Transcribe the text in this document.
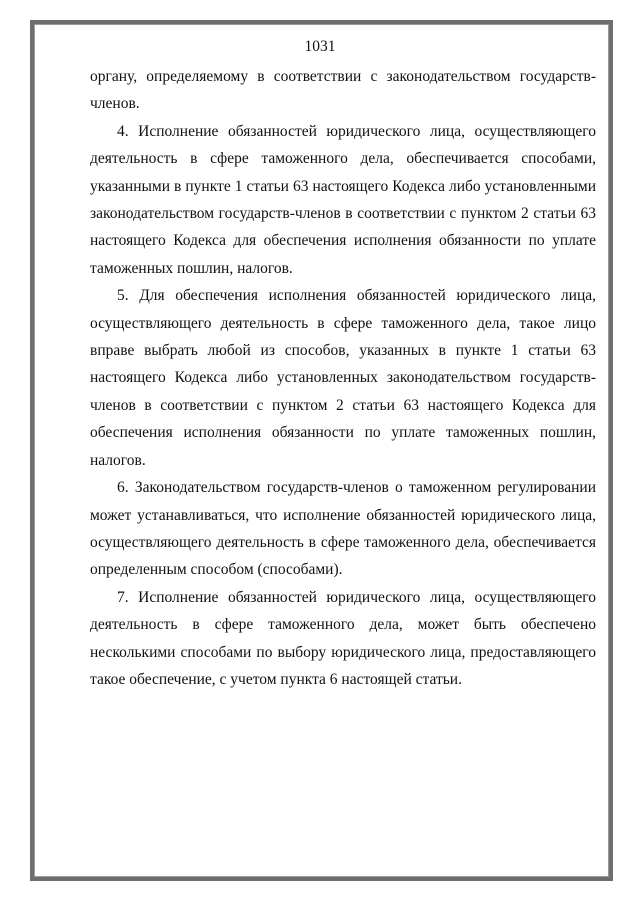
1031

органу, определяемому в соответствии с законодательством государств-членов.

4. Исполнение обязанностей юридического лица, осуществляющего деятельность в сфере таможенного дела, обеспечивается способами, указанными в пункте 1 статьи 63 настоящего Кодекса либо установленными законодательством государств-членов в соответствии с пунктом 2 статьи 63 настоящего Кодекса для обеспечения исполнения обязанности по уплате таможенных пошлин, налогов.

5. Для обеспечения исполнения обязанностей юридического лица, осуществляющего деятельность в сфере таможенного дела, такое лицо вправе выбрать любой из способов, указанных в пункте 1 статьи 63 настоящего Кодекса либо установленных законодательством государств-членов в соответствии с пунктом 2 статьи 63 настоящего Кодекса для обеспечения исполнения обязанности по уплате таможенных пошлин, налогов.

6. Законодательством государств-членов о таможенном регулировании может устанавливаться, что исполнение обязанностей юридического лица, осуществляющего деятельность в сфере таможенного дела, обеспечивается определенным способом (способами).

7. Исполнение обязанностей юридического лица, осуществляющего деятельность в сфере таможенного дела, может быть обеспечено несколькими способами по выбору юридического лица, предоставляющего такое обеспечение, с учетом пункта 6 настоящей статьи.
